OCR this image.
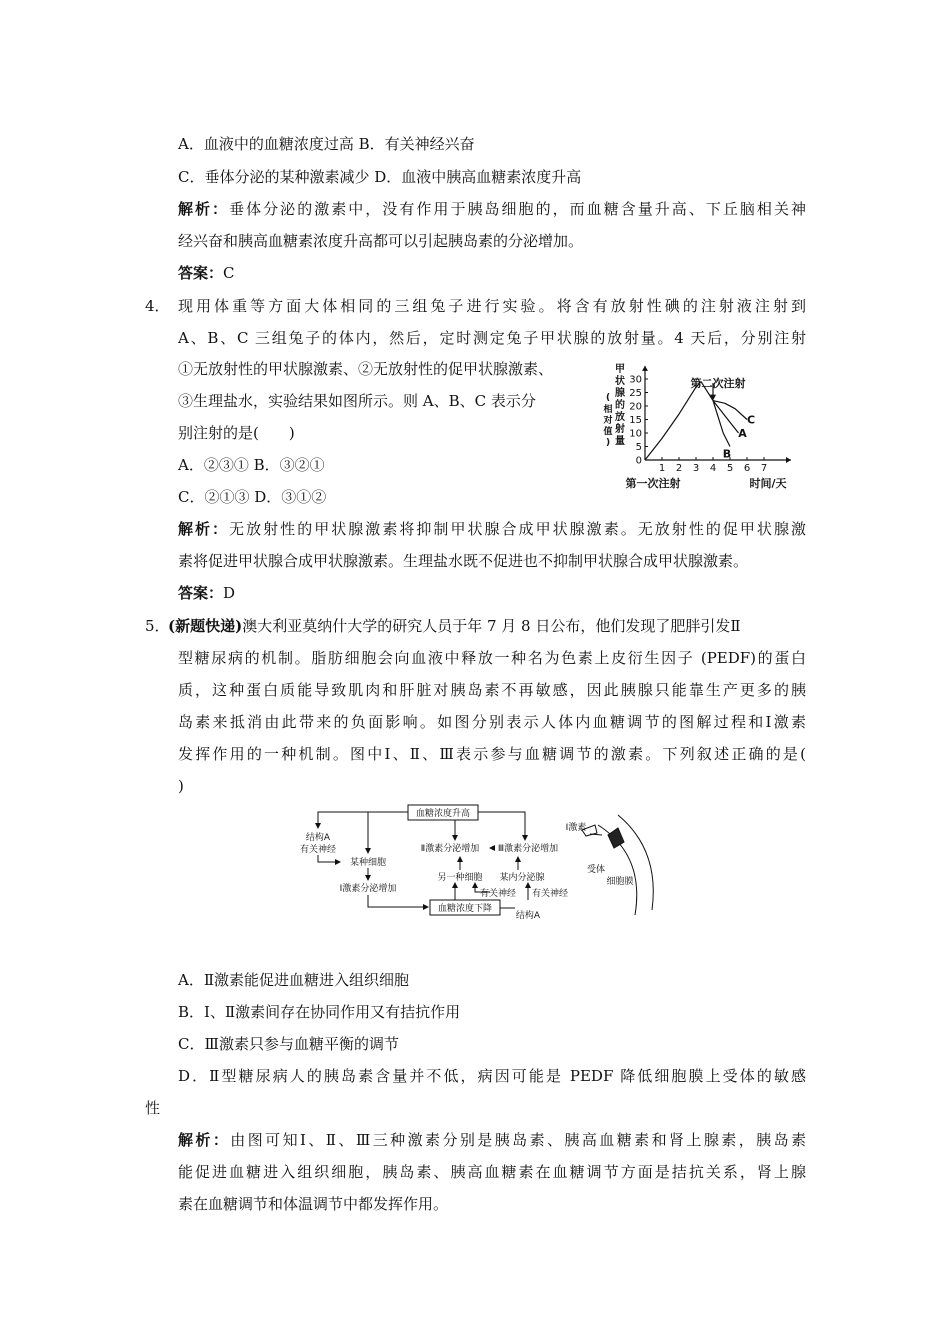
A．血液中的血糖浓度过高 B．有关神经兴奋
C．垂体分泌的某种激素减少 D．血液中胰高血糖素浓度升高
解析：垂体分泌的激素中，没有作用于胰岛细胞的，而血糖含量升高、下丘脑相关神
经兴奋和胰高血糖素浓度升高都可以引起胰岛素的分泌增加。
答案：C
4． 现用体重等方面大体相同的三组兔子进行实验。将含有放射性碘的注射液注射到
A、B、C 三组兔子的体内，然后，定时测定兔子甲状腺的放射量。4 天后，分别注射
①无放射性的甲状腺激素、②无放射性的促甲状腺激素、
③生理盐水，实验结果如图所示。则 A、B、C 表示分
别注射的是(　　)
A．②③① B．③②①
C．②①③ D．③①②
甲
状
腺
的
放
射
量
(
相
对
值
)
1 2 3 4 5 6 7
0
5
10
15
20
25
30
B
A
C
时间/天
第一次注射
第二次注射
解析：无放射性的甲状腺激素将抑制甲状腺合成甲状腺激素。无放射性的促甲状腺激
素将促进甲状腺合成甲状腺激素。生理盐水既不促进也不抑制甲状腺合成甲状腺激素。
答案：D
5．
(新题快递)澳大利亚莫纳什大学的研究人员于年 7 月 8 日公布，他们发现了肥胖引发Ⅱ
型糖尿病的机制。脂肪细胞会向血液中释放一种名为色素上皮衍生因子 (PEDF)的蛋白
质，这种蛋白质能导致肌肉和肝脏对胰岛素不再敏感，因此胰腺只能靠生产更多的胰
岛素来抵消由此带来的负面影响。如图分别表示人体内血糖调节的图解过程和Ⅰ激素
发挥作用的一种机制。图中Ⅰ、Ⅱ、Ⅲ表示参与血糖调节的激素。下列叙述正确的是(
)
血糖浓度升高
结构A
有关神经
某种细胞
Ⅰ激素分泌增加
Ⅱ激素分泌增加 Ⅲ激素分泌增加
另一种细胞 某内分泌腺
有关神经 有关神经
血糖浓度下降
结构A
Ⅰ激素
受体
细胞膜
A．Ⅱ激素能促进血糖进入组织细胞
B．Ⅰ、Ⅱ激素间存在协同作用又有拮抗作用
C．Ⅲ激素只参与血糖平衡的调节
D．Ⅱ型糖尿病人的胰岛素含量并不低，病因可能是 PEDF 降低细胞膜上受体的敏感
性
解析：由图可知Ⅰ、Ⅱ、Ⅲ三种激素分别是胰岛素、胰高血糖素和肾上腺素，胰岛素
能促进血糖进入组织细胞，胰岛素、胰高血糖素在血糖调节方面是拮抗关系，肾上腺
素在血糖调节和体温调节中都发挥作用。
